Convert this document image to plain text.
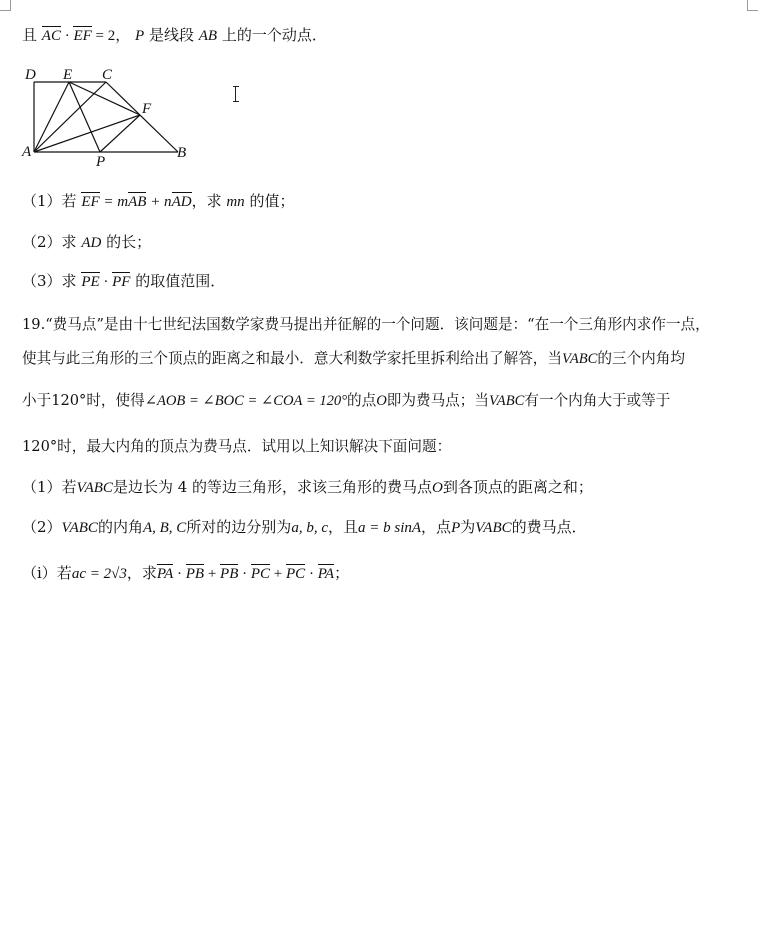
且 AC · EF = 2， P 是线段 AB 上的一个动点．
D E C
F
A
P
B
（1）若 EF = mAB + nAD，求 mn 的值；
（2）求 AD 的长；
（3）求 PE · PF 的取值范围．
19.“费马点”是由十七世纪法国数学家费马提出并征解的一个问题．该问题是：“在一个三角形内求作一点，
使其与此三角形的三个顶点的距离之和最小．意大利数学家托里拆利给出了解答，当VABC的三个内角均
小于120°时，使得∠AOB = ∠BOC = ∠COA = 120°的点O即为费马点；当VABC有一个内角大于或等于
120°时，最大内角的顶点为费马点．试用以上知识解决下面问题：
（1）若VABC是边长为 4 的等边三角形，求该三角形的费马点O到各顶点的距离之和；
（2）VABC的内角A, B, C所对的边分别为a, b, c，且a = b sinA，点P为VABC的费马点．
（i）若ac = 2√3，求PA · PB + PB · PC + PC · PA；
